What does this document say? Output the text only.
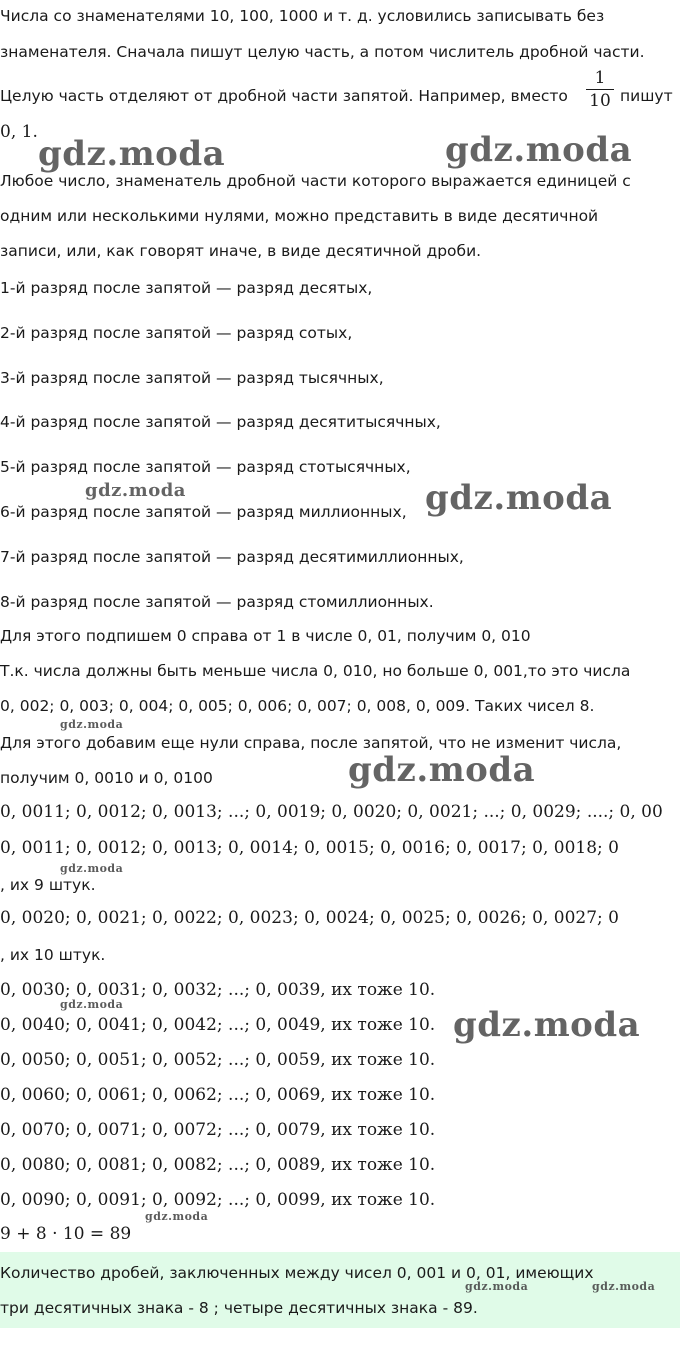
Числа со знаменателями 10, 100, 1000 и т. д. условились записывать без
знаменателя. Сначала пишут целую часть, а потом числитель дробной части.
Целую часть отделяют от дробной части запятой. Например, вместо
1
10 пишут
0, 1.
Любое число, знаменатель дробной части которого выражается единицей с
одним или несколькими нулями, можно представить в виде десятичной
записи, или, как говорят иначе, в виде десятичной дроби.
1-й разряд после запятой — разряд десятых,
2-й разряд после запятой — разряд сотых,
3-й разряд после запятой — разряд тысячных,
4-й разряд после запятой — разряд десятитысячных,
5-й разряд после запятой — разряд стотысячных,
6-й разряд после запятой — разряд миллионных,
7-й разряд после запятой — разряд десятимиллионных,
8-й разряд после запятой — разряд стомиллионных.
Для этого подпишем 0 справа от 1 в числе 0, 01, получим 0, 010
Т.к. числа должны быть меньше числа 0, 010, но больше 0, 001,то это числа
0, 002; 0, 003; 0, 004; 0, 005; 0, 006; 0, 007; 0, 008, 0, 009. Таких чисел 8.
Для этого добавим еще нули справа, после запятой, что не изменит числа,
получим 0, 0010 и 0, 0100
0, 0011; 0, 0012; 0, 0013; ...; 0, 0019; 0, 0020; 0, 0021; ...; 0, 0029; ....; 0, 00
0, 0011; 0, 0012; 0, 0013; 0, 0014; 0, 0015; 0, 0016; 0, 0017; 0, 0018; 0
, их 9 штук.
0, 0020; 0, 0021; 0, 0022; 0, 0023; 0, 0024; 0, 0025; 0, 0026; 0, 0027; 0
, их 10 штук.
0, 0030; 0, 0031; 0, 0032; ...; 0, 0039, их тоже 10.
0, 0040; 0, 0041; 0, 0042; ...; 0, 0049, их тоже 10.
0, 0050; 0, 0051; 0, 0052; ...; 0, 0059, их тоже 10.
0, 0060; 0, 0061; 0, 0062; ...; 0, 0069, их тоже 10.
0, 0070; 0, 0071; 0, 0072; ...; 0, 0079, их тоже 10.
0, 0080; 0, 0081; 0, 0082; ...; 0, 0089, их тоже 10.
0, 0090; 0, 0091; 0, 0092; ...; 0, 0099, их тоже 10.
9 + 8 · 10 = 89
Количество дробей, заключенных между чисел 0, 001 и 0, 01, имеющих
три десятичных знака - 8 ; четыре десятичных знака - 89.
gdz.moda	gdz.moda
gdz.moda	gdz.moda
gdz.moda
gdz.moda
gdz.moda
gdz.moda
gdz.moda
gdz.moda
gdz.moda	gdz.moda
